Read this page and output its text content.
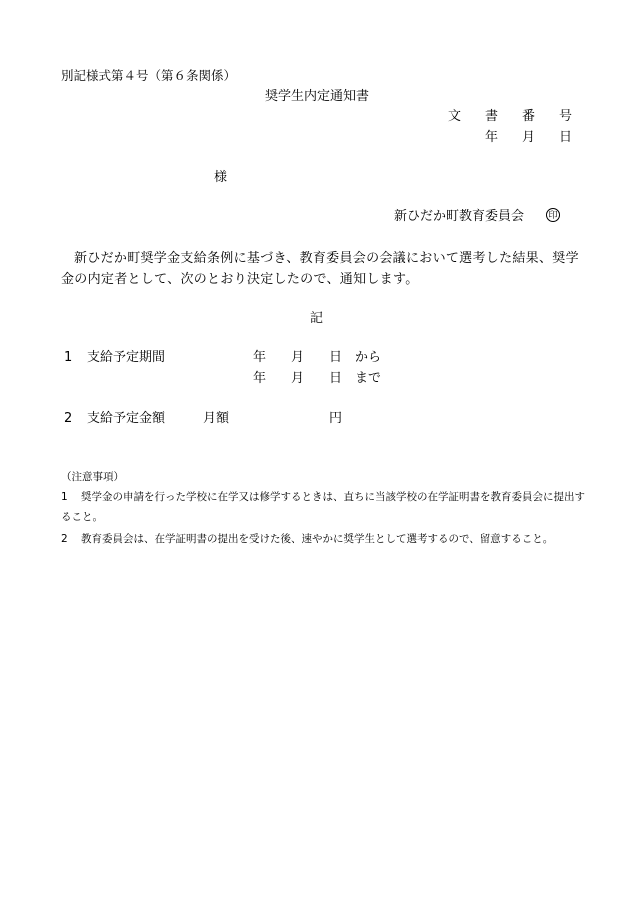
別記様式第４号（第６条関係）
奨学生内定通知書
文 書 番 号
年 月 日
様
新ひだか町教育委員会	印
新ひだか町奨学金支給条例に基づき、教育委員会の会議において選考した結果、奨学金の内定者として、次のとおり決定したので、通知します。
記
1 支給予定期間	年 月 日 から
年 月 日 まで
2 支給予定金額	月額	円
（注意事項）
1 奨学金の申請を行った学校に在学又は修学するときは、直ちに当該学校の在学証明書を教育委員会に提出すること。
2 教育委員会は、在学証明書の提出を受けた後、速やかに奨学生として選考するので、留意すること。
